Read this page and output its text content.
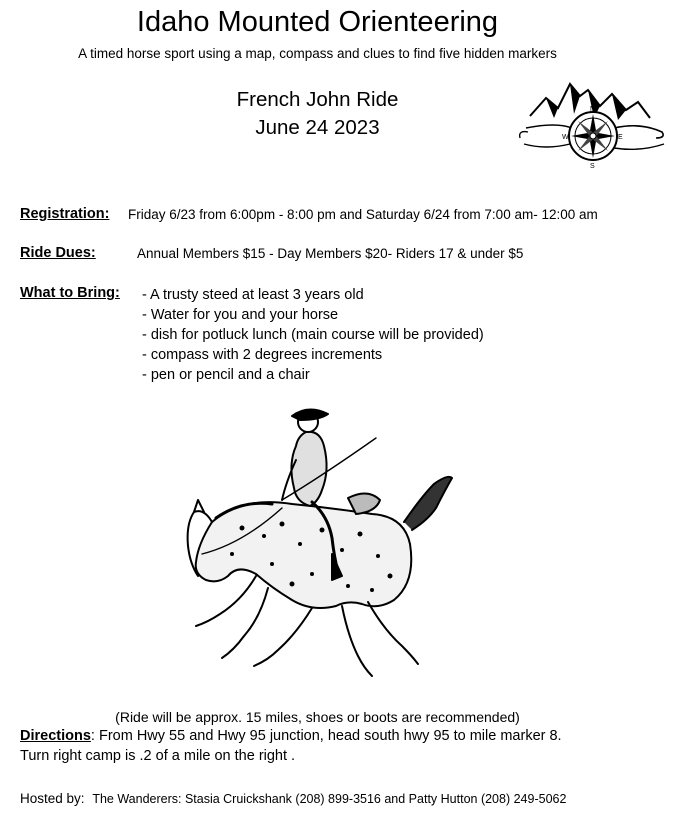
Idaho Mounted Orienteering
A timed horse sport using a map, compass and clues to find five hidden markers
French John Ride
June 24 2023
N
S
E
W
Registration: Friday 6/23 from 6:00pm - 8:00 pm and Saturday 6/24 from 7:00 am- 12:00 am
Ride Dues:	Annual Members $15 - Day Members $20- Riders 17 & under $5
What to Bring: - A trusty steed at least 3 years old
- Water for you and your horse
- dish for potluck lunch (main course will be provided)
- compass with 2 degrees increments
- pen or pencil and a chair
(Ride will be approx. 15 miles, shoes or boots are recommended)
Directions: From Hwy 55 and Hwy 95 junction, head south hwy 95 to mile marker 8.
Turn right camp is .2 of a mile on the right .
Hosted by: The Wanderers: Stasia Cruickshank (208) 899-3516 and Patty Hutton (208) 249-5062
